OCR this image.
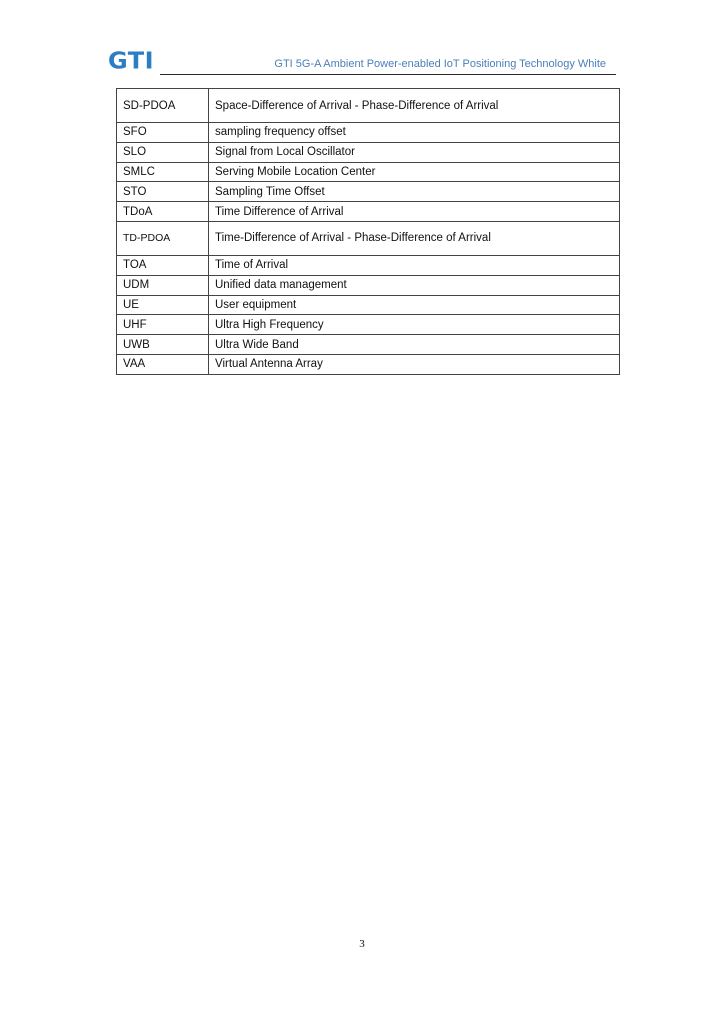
GTI	GTI 5G-A Ambient Power-enabled IoT Positioning Technology White
SD-PDOA	Space-Difference of Arrival - Phase-Difference of Arrival
SFO	sampling frequency offset
SLO	Signal from Local Oscillator
SMLC	Serving Mobile Location Center
STO	Sampling Time Offset
TDoA	Time Difference of Arrival
TD-PDOA	Time-Difference of Arrival - Phase-Difference of Arrival
TOA	Time of Arrival
UDM	Unified data management
UE	User equipment
UHF	Ultra High Frequency
UWB	Ultra Wide Band
VAA	Virtual Antenna Array
3
